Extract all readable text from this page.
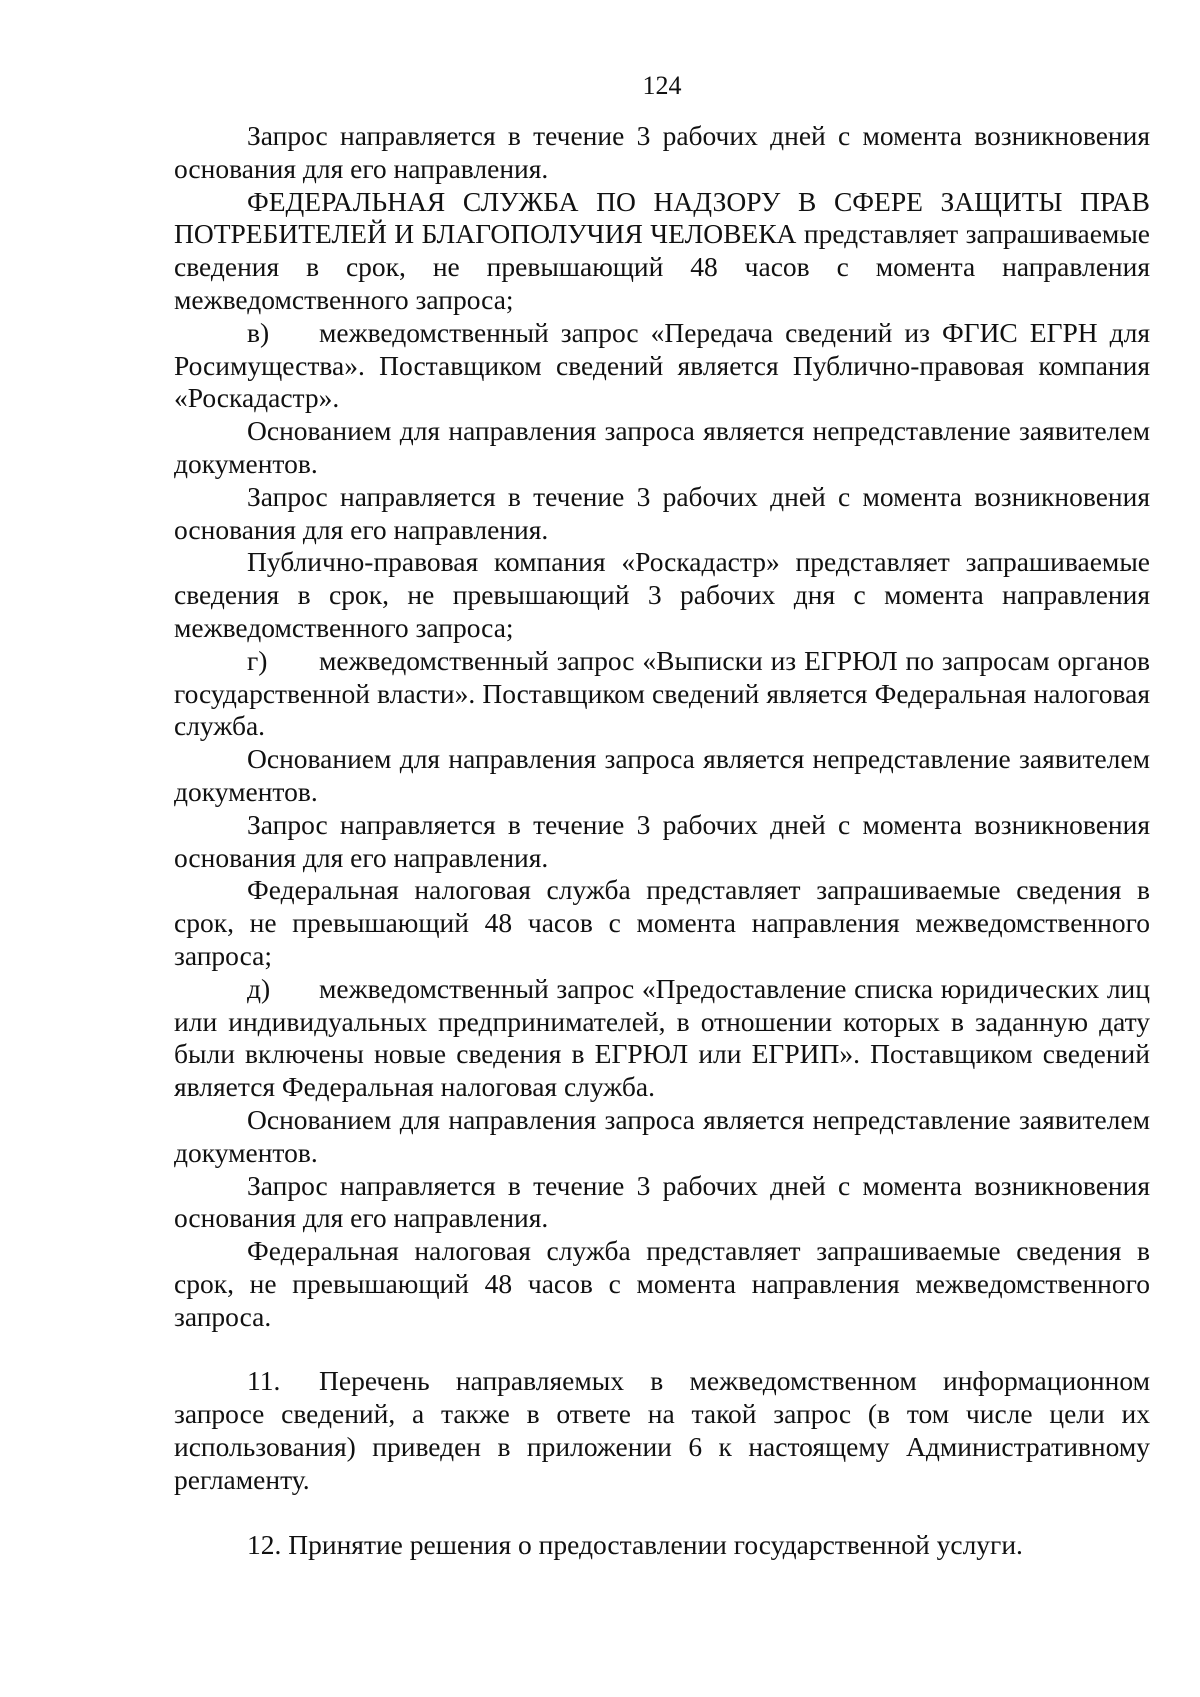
124

Запрос направляется в течение 3 рабочих дней с момента возникновения основания для его направления.

ФЕДЕРАЛЬНАЯ СЛУЖБА ПО НАДЗОРУ В СФЕРЕ ЗАЩИТЫ ПРАВ ПОТРЕБИТЕЛЕЙ И БЛАГОПОЛУЧИЯ ЧЕЛОВЕКА представляет запрашиваемые сведения в срок, не превышающий 48 часов с момента направления межведомственного запроса;

в) межведомственный запрос «Передача сведений из ФГИС ЕГРН для Росимущества». Поставщиком сведений является Публично-правовая компания «Роскадастр».

Основанием для направления запроса является непредставление заявителем документов.

Запрос направляется в течение 3 рабочих дней с момента возникновения основания для его направления.

Публично-правовая компания «Роскадастр» представляет запрашиваемые сведения в срок, не превышающий 3 рабочих дня с момента направления межведомственного запроса;

г) межведомственный запрос «Выписки из ЕГРЮЛ по запросам органов государственной власти». Поставщиком сведений является Федеральная налоговая служба.

Основанием для направления запроса является непредставление заявителем документов.

Запрос направляется в течение 3 рабочих дней с момента возникновения основания для его направления.

Федеральная налоговая служба представляет запрашиваемые сведения в срок, не превышающий 48 часов с момента направления межведомственного запроса;

д) межведомственный запрос «Предоставление списка юридических лиц или индивидуальных предпринимателей, в отношении которых в заданную дату были включены новые сведения в ЕГРЮЛ или ЕГРИП». Поставщиком сведений является Федеральная налоговая служба.

Основанием для направления запроса является непредставление заявителем документов.

Запрос направляется в течение 3 рабочих дней с момента возникновения основания для его направления.

Федеральная налоговая служба представляет запрашиваемые сведения в срок, не превышающий 48 часов с момента направления межведомственного запроса.

11. Перечень направляемых в межведомственном информационном запросе сведений, а также в ответе на такой запрос (в том числе цели их использования) приведен в приложении 6 к настоящему Административному регламенту.

12. Принятие решения о предоставлении государственной услуги.
